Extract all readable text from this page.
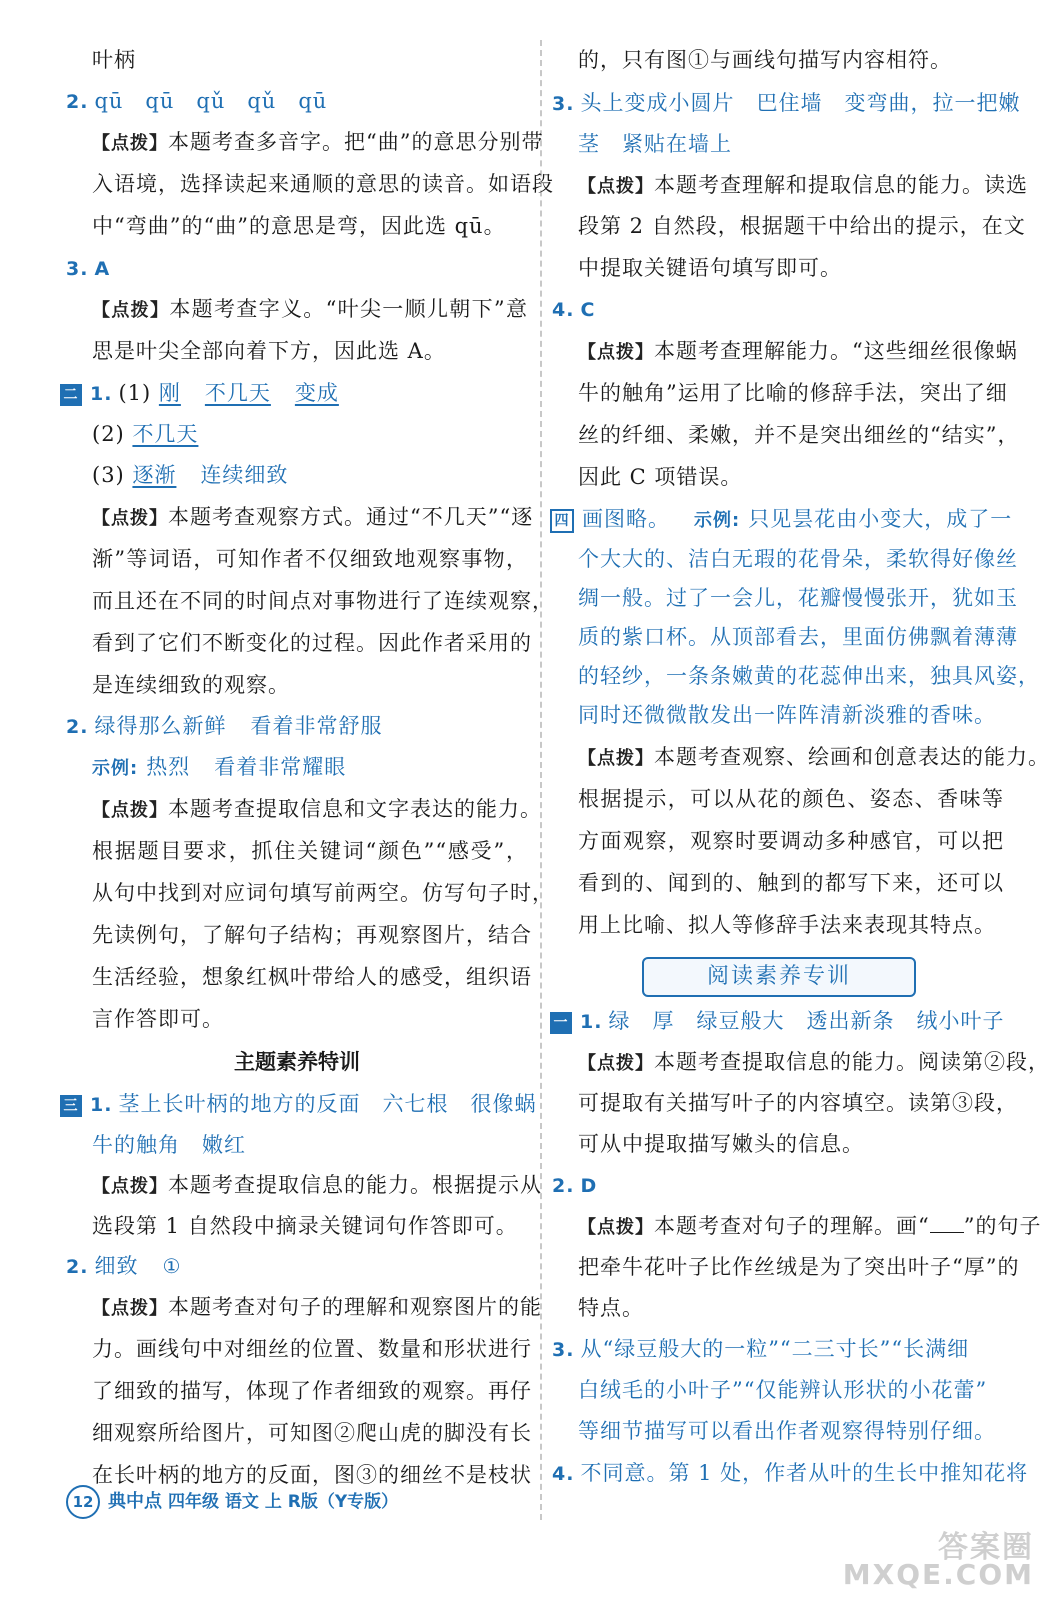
叶柄
2. qū　qū　qǔ　qǔ　qū
【点拨】本题考查多音字。把“曲”的意思分别带
入语境，选择读起来通顺的意思的读音。如语段
中“弯曲”的“曲”的意思是弯，因此选 qū。
3. A
【点拨】本题考查字义。“叶尖一顺儿朝下”意
思是叶尖全部向着下方，因此选 A。
二 1. (1) 刚 不几天 变成
(2) 不几天
(3) 逐渐 连续细致
【点拨】本题考查观察方式。通过“不几天”“逐
渐”等词语，可知作者不仅细致地观察事物，
而且还在不同的时间点对事物进行了连续观察，
看到了它们不断变化的过程。因此作者采用的
是连续细致的观察。
2. 绿得那么新鲜 看着非常舒服
示例: 热烈 看着非常耀眼
【点拨】本题考查提取信息和文字表达的能力。
根据题目要求，抓住关键词“颜色”“感受”，
从句中找到对应词句填写前两空。仿写句子时，
先读例句，了解句子结构；再观察图片，结合
生活经验，想象红枫叶带给人的感受，组织语
言作答即可。
主题素养特训
三 1. 茎上长叶柄的地方的反面　六七根　很像蜗
牛的触角　嫩红
【点拨】本题考查提取信息的能力。根据提示从
选段第 1 自然段中摘录关键词句作答即可。
2. 细致 ①
【点拨】本题考查对句子的理解和观察图片的能
力。画线句中对细丝的位置、数量和形状进行
了细致的描写，体现了作者细致的观察。再仔
细观察所给图片，可知图②爬山虎的脚没有长
在长叶柄的地方的反面，图③的细丝不是枝状
的，只有图①与画线句描写内容相符。
3. 头上变成小圆片　巴住墙　变弯曲，拉一把嫩
茎　紧贴在墙上
【点拨】本题考查理解和提取信息的能力。读选
段第 2 自然段，根据题干中给出的提示，在文
中提取关键语句填写即可。
4. C
【点拨】本题考查理解能力。“这些细丝很像蜗
牛的触角”运用了比喻的修辞手法，突出了细
丝的纤细、柔嫩，并不是突出细丝的“结实”，
因此 C 项错误。
四 画图略。 示例: 只见昙花由小变大，成了一
个大大的、洁白无瑕的花骨朵，柔软得好像丝
绸一般。过了一会儿，花瓣慢慢张开，犹如玉
质的紫口杯。从顶部看去，里面仿佛飘着薄薄
的轻纱，一条条嫩黄的花蕊伸出来，独具风姿，
同时还微微散发出一阵阵清新淡雅的香味。
【点拨】本题考查观察、绘画和创意表达的能力。
根据提示，可以从花的颜色、姿态、香味等
方面观察，观察时要调动多种感官，可以把
看到的、闻到的、触到的都写下来，还可以
用上比喻、拟人等修辞手法来表现其特点。
阅读素养专训
一 1. 绿　厚　绿豆般大　透出新条　绒小叶子
【点拨】本题考查提取信息的能力。阅读第②段，
可提取有关描写叶子的内容填空。读第③段，
可从中提取描写嫩头的信息。
2. D
【点拨】本题考查对句子的理解。画“ ”的句子
把牵牛花叶子比作丝绒是为了突出叶子“厚”的
特点。
3. 从“绿豆般大的一粒”“二三寸长”“长满细
白绒毛的小叶子”“仅能辨认形状的小花蕾”
等细节描写可以看出作者观察得特别仔细。
4. 不同意。第 1 处，作者从叶的生长中推知花将
12 典中点 四年级 语文 上 R版（Y专版）
答案圈
MXQE.COM
